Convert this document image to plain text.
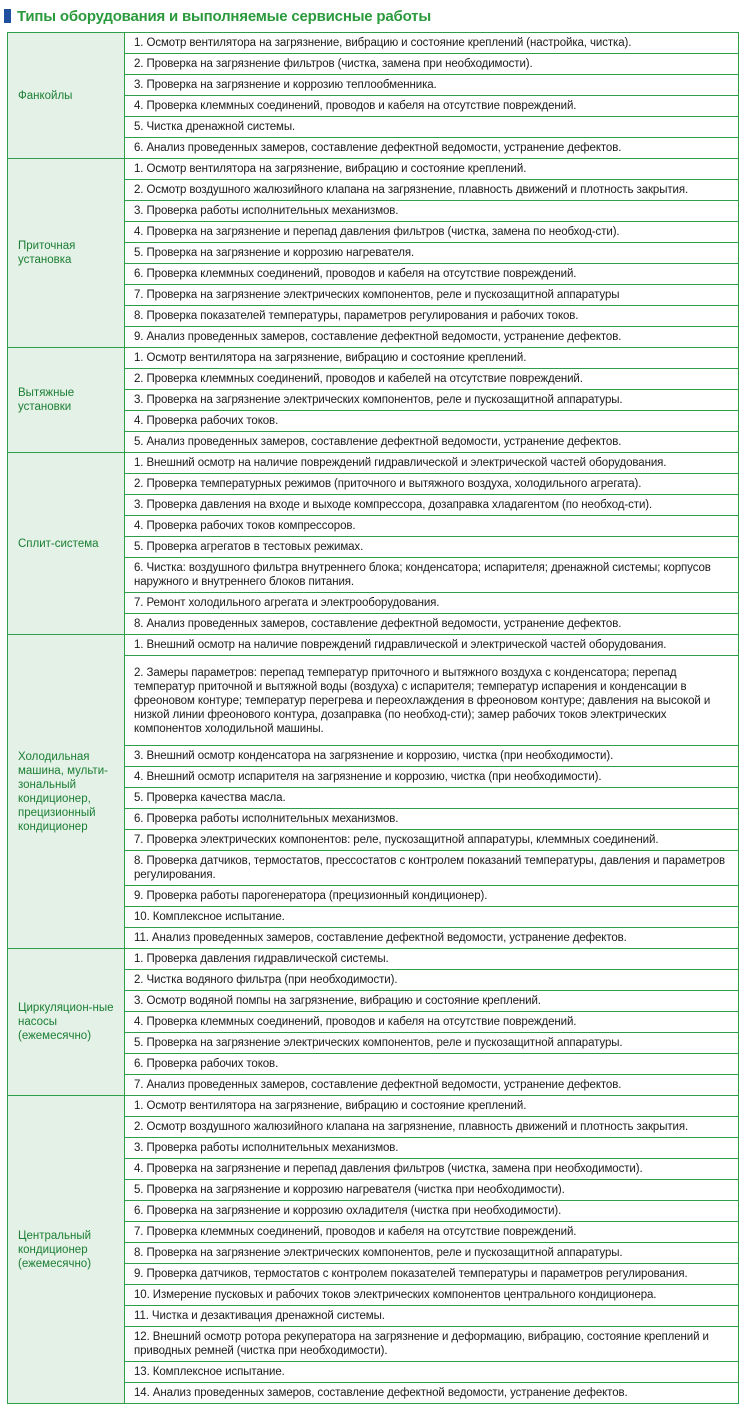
Типы оборудования и выполняемые сервисные работы
Фанкойлы	1. Осмотр вентилятора на загрязнение, вибрацию и состояние креплений (настройка, чистка).
	2. Проверка на загрязнение фильтров (чистка, замена при необходимости).
	3. Проверка на загрязнение и коррозию теплообменника.
	4. Проверка клеммных соединений, проводов и кабеля на отсутствие повреждений.
	5. Чистка дренажной системы.
	6. Анализ проведенных замеров, составление дефектной ведомости, устранение дефектов.
Приточная установка	1. Осмотр вентилятора на загрязнение, вибрацию и состояние креплений.
	2. Осмотр воздушного жалюзийного клапана на загрязнение, плавность движений и плотность закрытия.
	3. Проверка работы исполнительных механизмов.
	4. Проверка на загрязнение и перепад давления фильтров (чистка, замена по необход-сти).
	5. Проверка на загрязнение и коррозию нагревателя.
	6. Проверка клеммных соединений, проводов и кабеля на отсутствие повреждений.
	7. Проверка на загрязнение электрических компонентов, реле и пускозащитной аппаратуры
	8. Проверка показателей температуры, параметров регулирования и рабочих токов.
	9. Анализ проведенных замеров, составление дефектной ведомости, устранение дефектов.
Вытяжные установки	1. Осмотр вентилятора на загрязнение, вибрацию и состояние креплений.
	2. Проверка клеммных соединений, проводов и кабелей на отсутствие повреждений.
	3. Проверка на загрязнение электрических компонентов, реле и пускозащитной аппаратуры.
	4. Проверка рабочих токов.
	5. Анализ проведенных замеров, составление дефектной ведомости, устранение дефектов.
Сплит-система	1. Внешний осмотр на наличие повреждений гидравлической и электрической частей оборудования.
	2. Проверка температурных режимов (приточного и вытяжного воздуха, холодильного агрегата).
	3. Проверка давления на входе и выходе компрессора, дозаправка хладагентом (по необход-сти).
	4. Проверка рабочих токов компрессоров.
	5. Проверка агрегатов в тестовых режимах.
	6. Чистка: воздушного фильтра внутреннего блока; конденсатора; испарителя; дренажной системы; корпусов наружного и внутреннего блоков питания.
	7. Ремонт холодильного агрегата и электрооборудования.
	8. Анализ проведенных замеров, составление дефектной ведомости, устранение дефектов.
Холодильная машина, мульти-зональный кондиционер, прецизионный кондиционер	1. Внешний осмотр на наличие повреждений гидравлической и электрической частей оборудования.
	2. Замеры параметров: перепад температур приточного и вытяжного воздуха с конденсатора; перепад температур приточной и вытяжной воды (воздуха) с испарителя; температур испарения и конденсации в фреоновом контуре; температур перегрева и переохлаждения в фреоновом контуре; давления на высокой и низкой линии фреонового контура, дозаправка (по необход-сти); замер рабочих токов электрических компонентов холодильной машины.
	3. Внешний осмотр конденсатора на загрязнение и коррозию, чистка (при необходимости).
	4. Внешний осмотр испарителя на загрязнение и коррозию, чистка (при необходимости).
	5. Проверка качества масла.
	6. Проверка работы исполнительных механизмов.
	7. Проверка электрических компонентов: реле, пускозащитной аппаратуры, клеммных соединений.
	8. Проверка датчиков, термостатов, прессостатов с контролем показаний температуры, давления и параметров регулирования.
	9. Проверка работы парогенератора (прецизионный кондиционер).
	10. Комплексное испытание.
	11. Анализ проведенных замеров, составление дефектной ведомости, устранение дефектов.
Циркуляцион-ные насосы (ежемесячно)	1. Проверка давления гидравлической системы.
	2. Чистка водяного фильтра (при необходимости).
	3. Осмотр водяной помпы на загрязнение, вибрацию и состояние креплений.
	4. Проверка клеммных соединений, проводов и кабеля на отсутствие повреждений.
	5. Проверка на загрязнение электрических компонентов, реле и пускозащитной аппаратуры.
	6. Проверка рабочих токов.
	7. Анализ проведенных замеров, составление дефектной ведомости, устранение дефектов.
Центральный кондиционер (ежемесячно)	1. Осмотр вентилятора на загрязнение, вибрацию и состояние креплений.
	2. Осмотр воздушного жалюзийного клапана на загрязнение, плавность движений и плотность закрытия.
	3. Проверка работы исполнительных механизмов.
	4. Проверка на загрязнение и перепад давления фильтров (чистка, замена при необходимости).
	5. Проверка на загрязнение и коррозию нагревателя (чистка при необходимости).
	6. Проверка на загрязнение и коррозию охладителя (чистка при необходимости).
	7. Проверка клеммных соединений, проводов и кабеля на отсутствие повреждений.
	8. Проверка на загрязнение электрических компонентов, реле и пускозащитной аппаратуры.
	9. Проверка датчиков, термостатов с контролем показателей температуры и параметров регулирования.
	10. Измерение пусковых и рабочих токов электрических компонентов центрального кондиционера.
	11. Чистка и дезактивация дренажной системы.
	12. Внешний осмотр ротора рекуператора на загрязнение и деформацию, вибрацию, состояние креплений и приводных ремней (чистка при необходимости).
	13. Комплексное испытание.
	14. Анализ проведенных замеров, составление дефектной ведомости, устранение дефектов.
